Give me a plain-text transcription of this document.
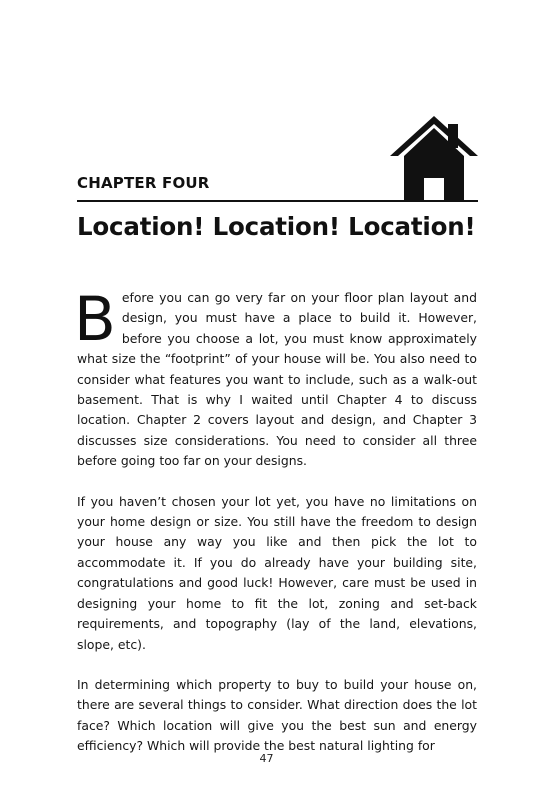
CHAPTER FOUR
Location! Location! Location!

Before you can go very far on your floor plan layout and design, you must have a place to build it. However, before you choose a lot, you must know approximately what size the “footprint” of your house will be. You also need to consider what features you want to include, such as a walk-out basement. That is why I waited until Chapter 4 to discuss location. Chapter 2 covers layout and design, and Chapter 3 discusses size considerations. You need to consider all three before going too far on your designs.

If you haven’t chosen your lot yet, you have no limitations on your home design or size. You still have the freedom to design your house any way you like and then pick the lot to accommodate it. If you do already have your building site, congratulations and good luck! However, care must be used in designing your home to fit the lot, zoning and set-back requirements, and topography (lay of the land, elevations, slope, etc).

In determining which property to buy to build your house on, there are several things to consider. What direction does the lot face? Which location will give you the best sun and energy efficiency? Which will provide the best natural lighting for

47
